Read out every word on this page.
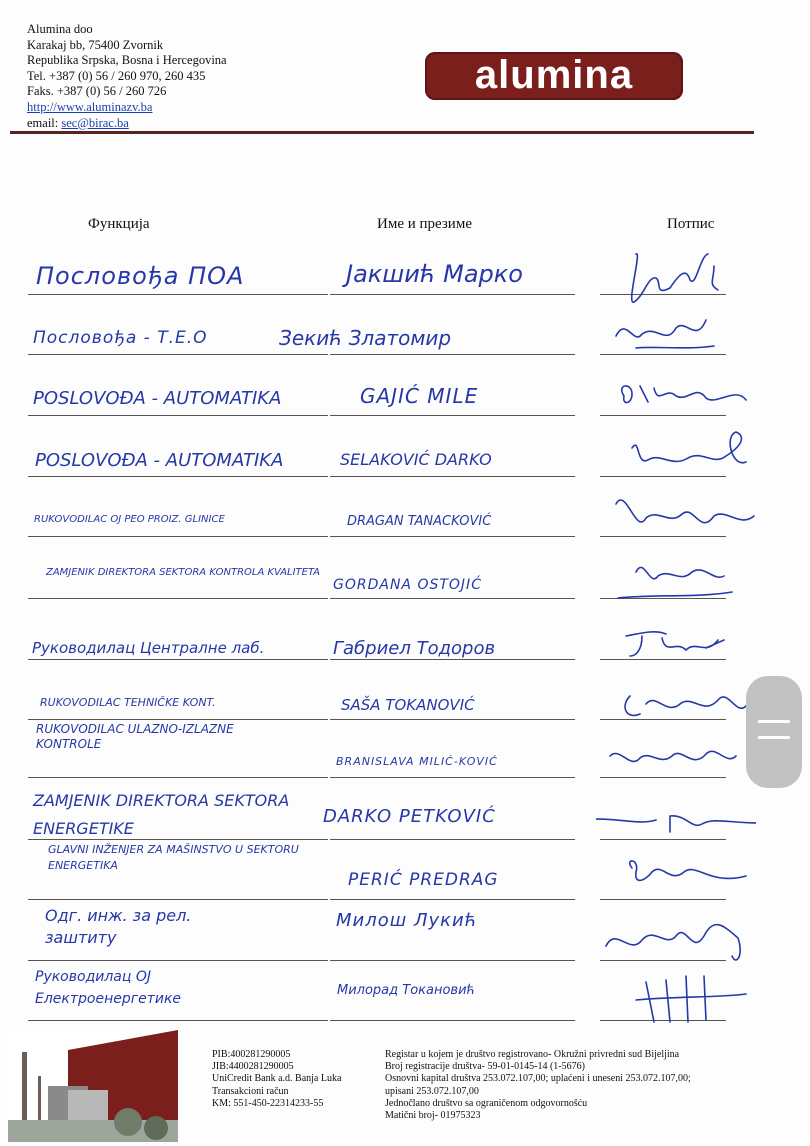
Alumina doo
Karakaj bb, 75400 Zvornik
Republika Srpska, Bosna i Hercegovina
Tel. +387 (0) 56 / 260 970, 260 435
Faks. +387 (0) 56 / 260 726
http://www.aluminazv.ba
email: sec@birac.ba
alumina
Функција	Име и презиме	Потпис
Пословођа ПОА
Пословођа - Т.Е.О
POSLOVOĐA - AUTOMATIKA
POSLOVOĐA - AUTOMATIKA
RUKOVODILAC OJ PEO PROIZ. GLINICE
ZAMJENIK DIREKTORA SEKTORA KONTROLA KVALITETA
Руководилац Централне лаб.
RUKOVODILAC TEHNIČKE KONT.
RUKOVODILAC ULAZNO-IZLAZNE KONTROLE
ZAMJENIK DIREKTORA SEKTORA ENERGETIKE
GLAVNI INŽENJER ZA MAŠINSTVO U SEKTORU ENERGETIKA
Одг. инж. за рел. заштиту
Руководилац ОЈ Електроенергетике
Јакшић Марко
Зекић Златомир
GAJIĆ MILE
SELAKOVIĆ DARKO
DRAGAN TANACKOVIĆ
GORDANA OSTOJIĆ
Габриел Тодоров
SAŠA TOKANOVIĆ
BRANISLAVA MILIĆ-KOVIĆ
DARKO PETKOVIĆ
PERIĆ PREDRAG
Милош Лукић
Милорад Токановић
PIB:400281290005
JIB:4400281290005
UniCredit Bank a.d. Banja Luka
Transakcioni račun
KM: 551-450-22314233-55
Registar u kojem je društvo registrovano- Okružni privredni sud Bijeljina
Broj registracije društva- 59-01-0145-14 (1-5676)
Osnovni kapital društva 253.072.107,00; uplaćeni i uneseni 253.072.107,00;
upisani 253.072.107,00
Jednočlano društvo sa ograničenom odgovornošću
Matični broj- 01975323
